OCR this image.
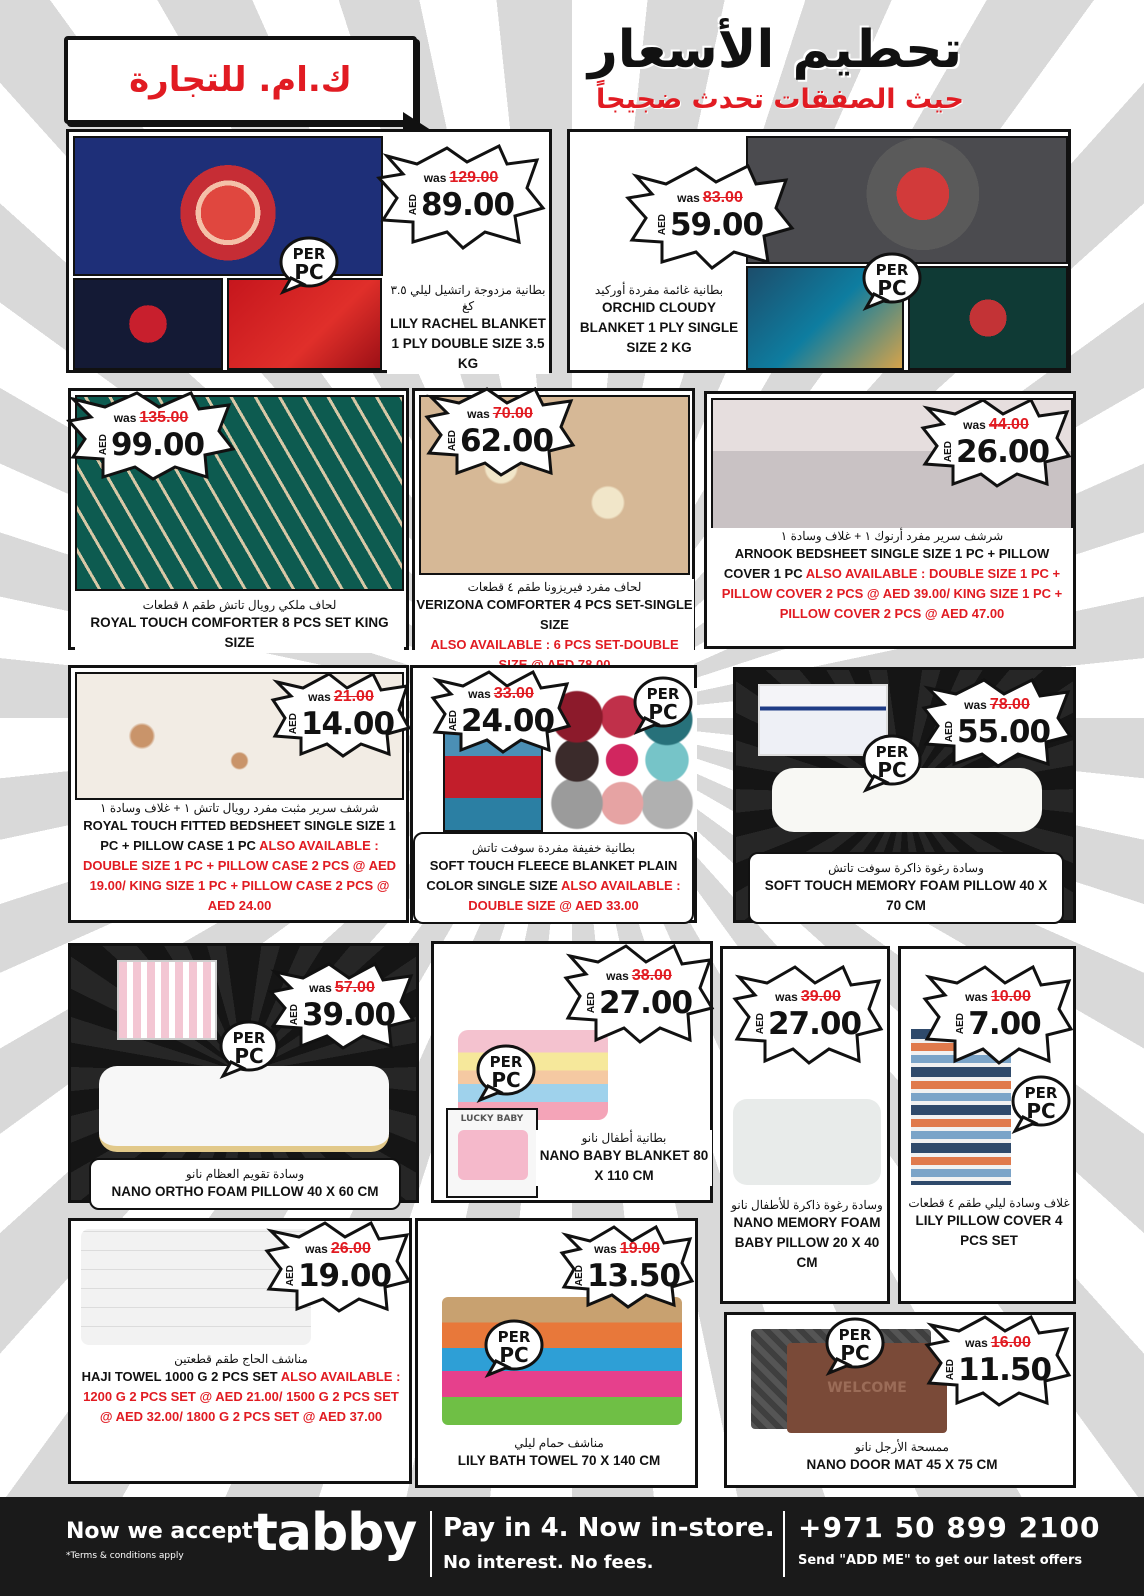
ك.ام. للتجارة	تحطيم الأسعار
حيث الصفقات تحدث ضجيجاً
بطانية مزدوجة راتشيل ليلي ٣.٥ كغ
LILY RACHEL BLANKET 1 PLY DOUBLE SIZE 3.5 KG
was 129.00
AED 89.00
PER
PC
بطانية غائمة مفردة أوركيد
ORCHID CLOUDY BLANKET 1 PLY SINGLE SIZE 2 KG
was 83.00
AED 59.00
PER
PC
لحاف ملكي رويال تاتش طقم ٨ قطعات
ROYAL TOUCH COMFORTER 8 PCS SET KING SIZE
was 135.00
AED 99.00
لحاف مفرد فيريزونا طقم ٤ قطعات
VERIZONA COMFORTER 4 PCS SET-SINGLE SIZE
ALSO AVAILABLE : 6 PCS SET-DOUBLE
was 70.00
AED 62.00
شرشف سرير مفرد أرنوك ١ + غلاف وسادة ١
ARNOOK BEDSHEET SINGLE SIZE 1 PC + PILLOW COVER 1 PC ALSO AVAILABLE : DOUBLE SIZE 1 PC + PILLOW COVER 2 PCS @ AED 39.00/ KING SIZE 1 PC + PILLOW COVER 2 PCS @ AED 47.00
was 44.00
AED 26.00
شرشف سرير مثبت مفرد رويال تاتش ١ + غلاف وسادة ١
ROYAL TOUCH FITTED BEDSHEET SINGLE SIZE 1 PC + PILLOW CASE 1 PC ALSO AVAILABLE : DOUBLE SIZE 1 PC + PILLOW CASE 2 PCS @ AED 19.00/ KING SIZE 1 PC + PILLOW CASE 2 PCS @ AED 24.00
was 21.00
AED 14.00
بطانية خفيفة مفردة سوفت تاتش
SOFT TOUCH FLEECE BLANKET PLAIN COLOR SINGLE SIZE ALSO AVAILABLE : DOUBLE SIZE @ AED 33.00
was 33.00
AED 24.00
PER
PC
وسادة رغوة ذاكرة سوفت تاتش
SOFT TOUCH MEMORY FOAM PILLOW 40 X 70 CM
was 78.00
AED 55.00
PER
PC
وسادة تقويم العظام نانو
NANO ORTHO FOAM PILLOW 40 X 60 CM
was 57.00
AED 39.00
PER
PC
LUCKY BABY
بطانية أطفال نانو
NANO BABY BLANKET 80 X 110 CM
was 38.00
AED 27.00
PER
PC
وسادة رغوة ذاكرة للأطفال نانو
NANO MEMORY FOAM BABY PILLOW 20 X 40 CM
was 39.00
AED 27.00
غلاف وسادة ليلي طقم ٤ قطعات
LILY PILLOW COVER 4 PCS SET
was 10.00
AED 7.00
PER
PC
مناشف الحاج طقم قطعتين
HAJI TOWEL 1000 G 2 PCS SET ALSO AVAILABLE : 1200 G 2 PCS SET @ AED 21.00/ 1500 G 2 PCS SET @ AED 32.00/ 1800 G 2 PCS SET @ AED 37.00
was 26.00
AED 19.00
مناشف حمام ليلي
LILY BATH TOWEL 70 X 140 CM
was 19.00
AED 13.50
PER
PC
WELCOME
ممسحة الأرجل نانو
NANO DOOR MAT 45 X 75 CM
was 16.00
AED 11.50
PER
PC
Now we accept
*Terms & conditions apply tabby Pay in 4. Now in-store.
No interest. No fees.
+971 50 899 2100
Send "ADD ME" to get our latest offers
